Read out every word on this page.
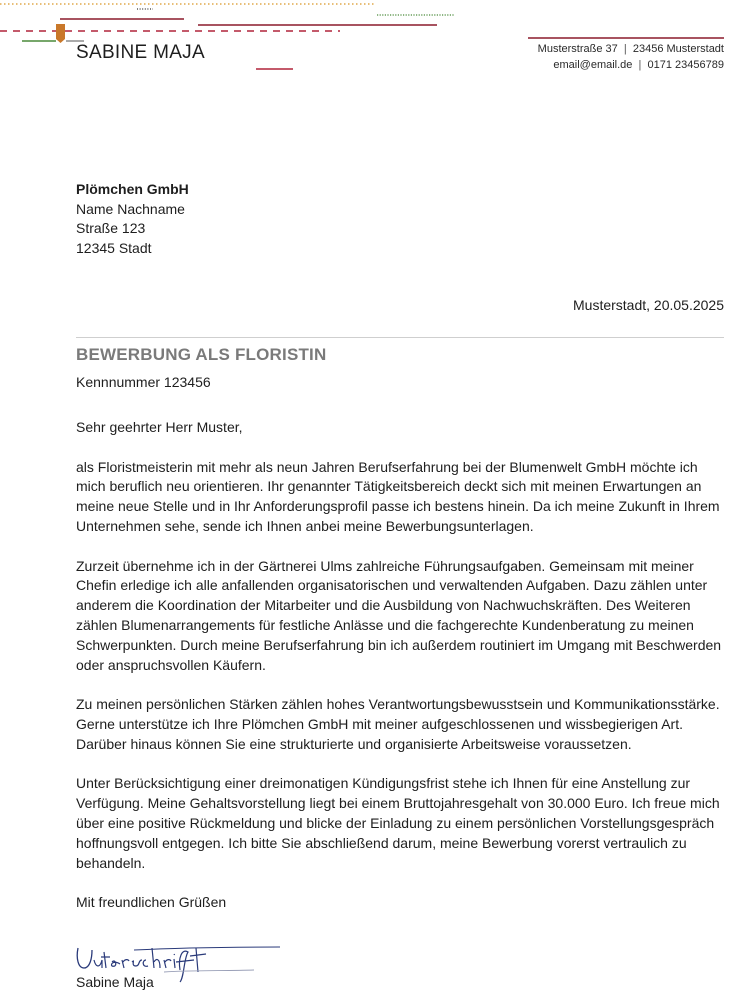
SABINE MAJA	Musterstraße 37 | 23456 Musterstadt
email@email.de | 0171 23456789
Plömchen GmbH
Name Nachname
Straße 123
12345 Stadt
Musterstadt, 20.05.2025
BEWERBUNG ALS FLORISTIN
Kennnummer 123456

Sehr geehrter Herr Muster,

als Floristmeisterin mit mehr als neun Jahren Berufserfahrung bei der Blumenwelt GmbH möchte ich mich beruflich neu orientieren. Ihr genannter Tätigkeitsbereich deckt sich mit meinen Erwartungen an meine neue Stelle und in Ihr Anforderungsprofil passe ich bestens hinein. Da ich meine Zukunft in Ihrem Unternehmen sehe, sende ich Ihnen anbei meine Bewerbungsunterlagen.

Zurzeit übernehme ich in der Gärtnerei Ulms zahlreiche Führungsaufgaben. Gemeinsam mit meiner Chefin erledige ich alle anfallenden organisatorischen und verwaltenden Aufgaben. Dazu zählen unter anderem die Koordination der Mitarbeiter und die Ausbildung von Nachwuchskräften. Des Weiteren zählen Blumenarrangements für festliche Anlässe und die fachgerechte Kundenberatung zu meinen Schwerpunkten. Durch meine Berufserfahrung bin ich außerdem routiniert im Umgang mit Beschwerden oder anspruchsvollen Käufern.

Zu meinen persönlichen Stärken zählen hohes Verantwortungsbewusstsein und Kommunikationsstärke. Gerne unterstütze ich Ihre Plömchen GmbH mit meiner aufgeschlossenen und wissbegierigen Art. Darüber hinaus können Sie eine strukturierte und organisierte Arbeitsweise voraussetzen.

Unter Berücksichtigung einer dreimonatigen Kündigungsfrist stehe ich Ihnen für eine Anstellung zur Verfügung. Meine Gehaltsvorstellung liegt bei einem Bruttojahresgehalt von 30.000 Euro. Ich freue mich über eine positive Rückmeldung und blicke der Einladung zu einem persönlichen Vorstellungsgespräch hoffnungsvoll entgegen. Ich bitte Sie abschließend darum, meine Bewerbung vorerst vertraulich zu behandeln.

Mit freundlichen Grüßen

Sabine Maja
